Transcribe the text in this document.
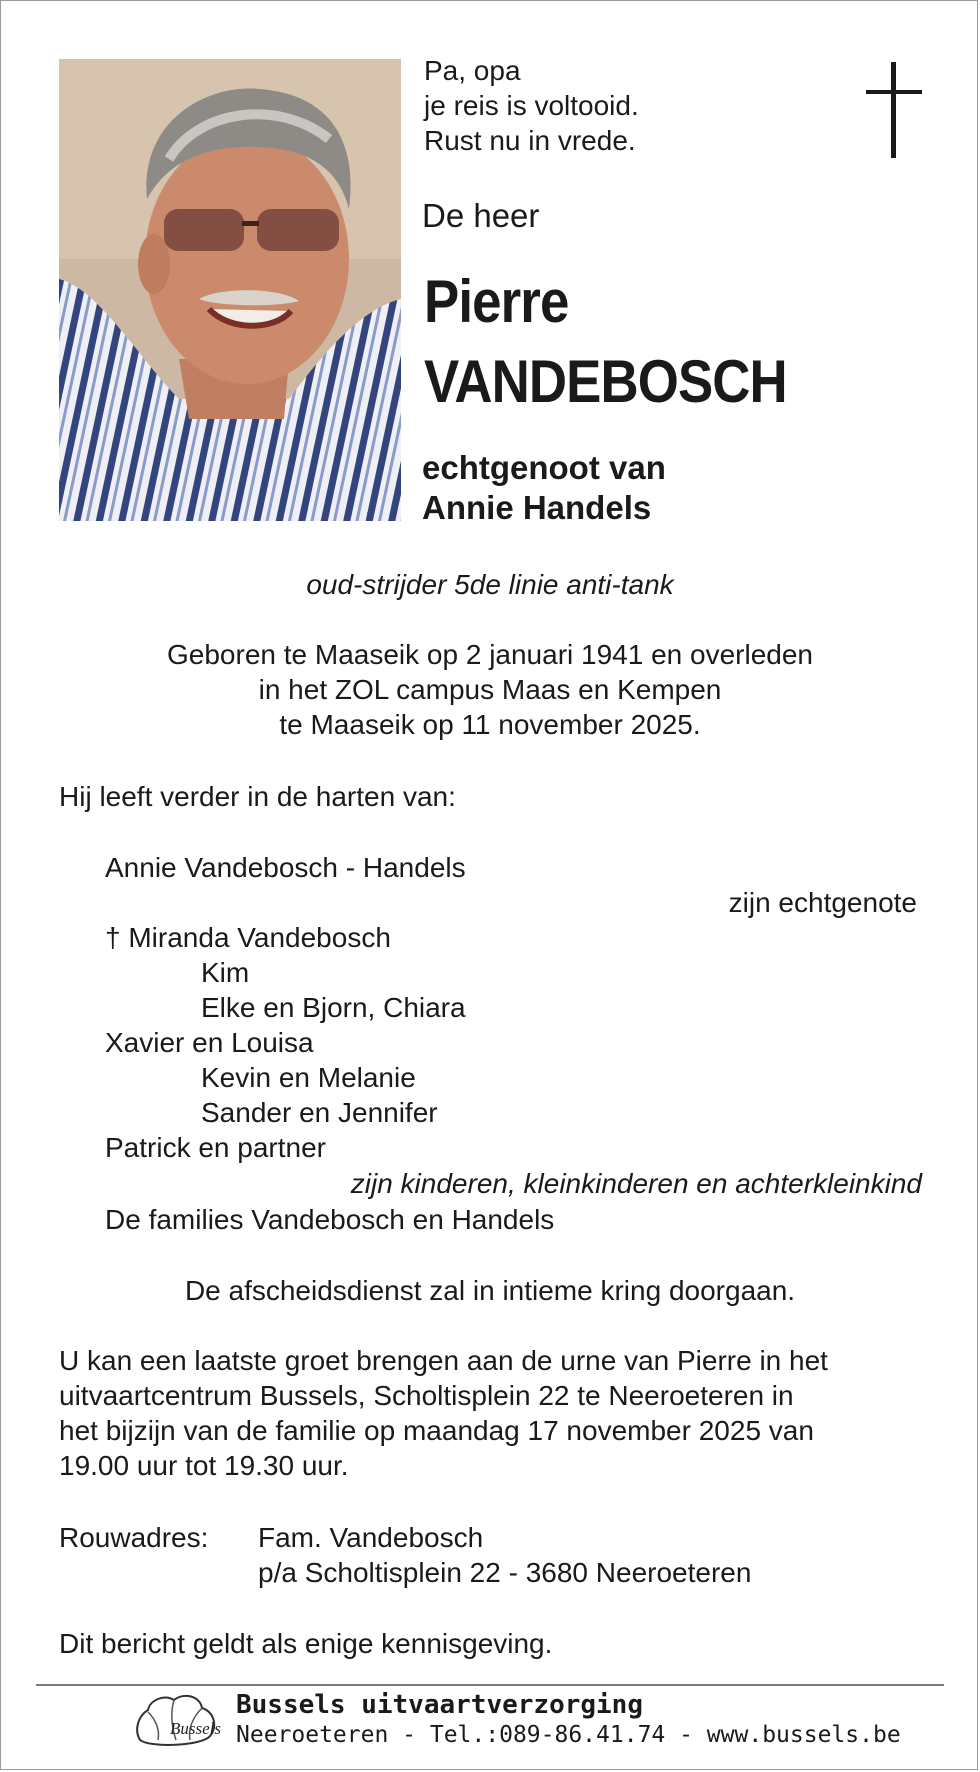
Pa, opa
je reis is voltooid.
Rust nu in vrede.
De heer
Pierre
VANDEBOSCH
echtgenoot van
Annie Handels
oud-strijder 5de linie anti-tank
Geboren te Maaseik op 2 januari 1941 en overleden
in het ZOL campus Maas en Kempen
te Maaseik op 11 november 2025.
Hij leeft verder in de harten van:
Annie Vandebosch - Handels
zijn echtgenote
† Miranda Vandebosch
Kim
Elke en Bjorn, Chiara
Xavier en Louisa
Kevin en Melanie
Sander en Jennifer
Patrick en partner
zijn kinderen, kleinkinderen en achterkleinkind
De families Vandebosch en Handels
De afscheidsdienst zal in intieme kring doorgaan.
U kan een laatste groet brengen aan de urne van Pierre in het
uitvaartcentrum Bussels, Scholtisplein 22 te Neeroeteren in
het bijzijn van de familie op maandag 17 november 2025 van
19.00 uur tot 19.30 uur.
Rouwadres: Fam. Vandebosch
p/a Scholtisplein 22 - 3680 Neeroeteren
Dit bericht geldt als enige kennisgeving.
Bussels
Bussels uitvaartverzorging
Neeroeteren - Tel.:089-86.41.74 - www.bussels.be
